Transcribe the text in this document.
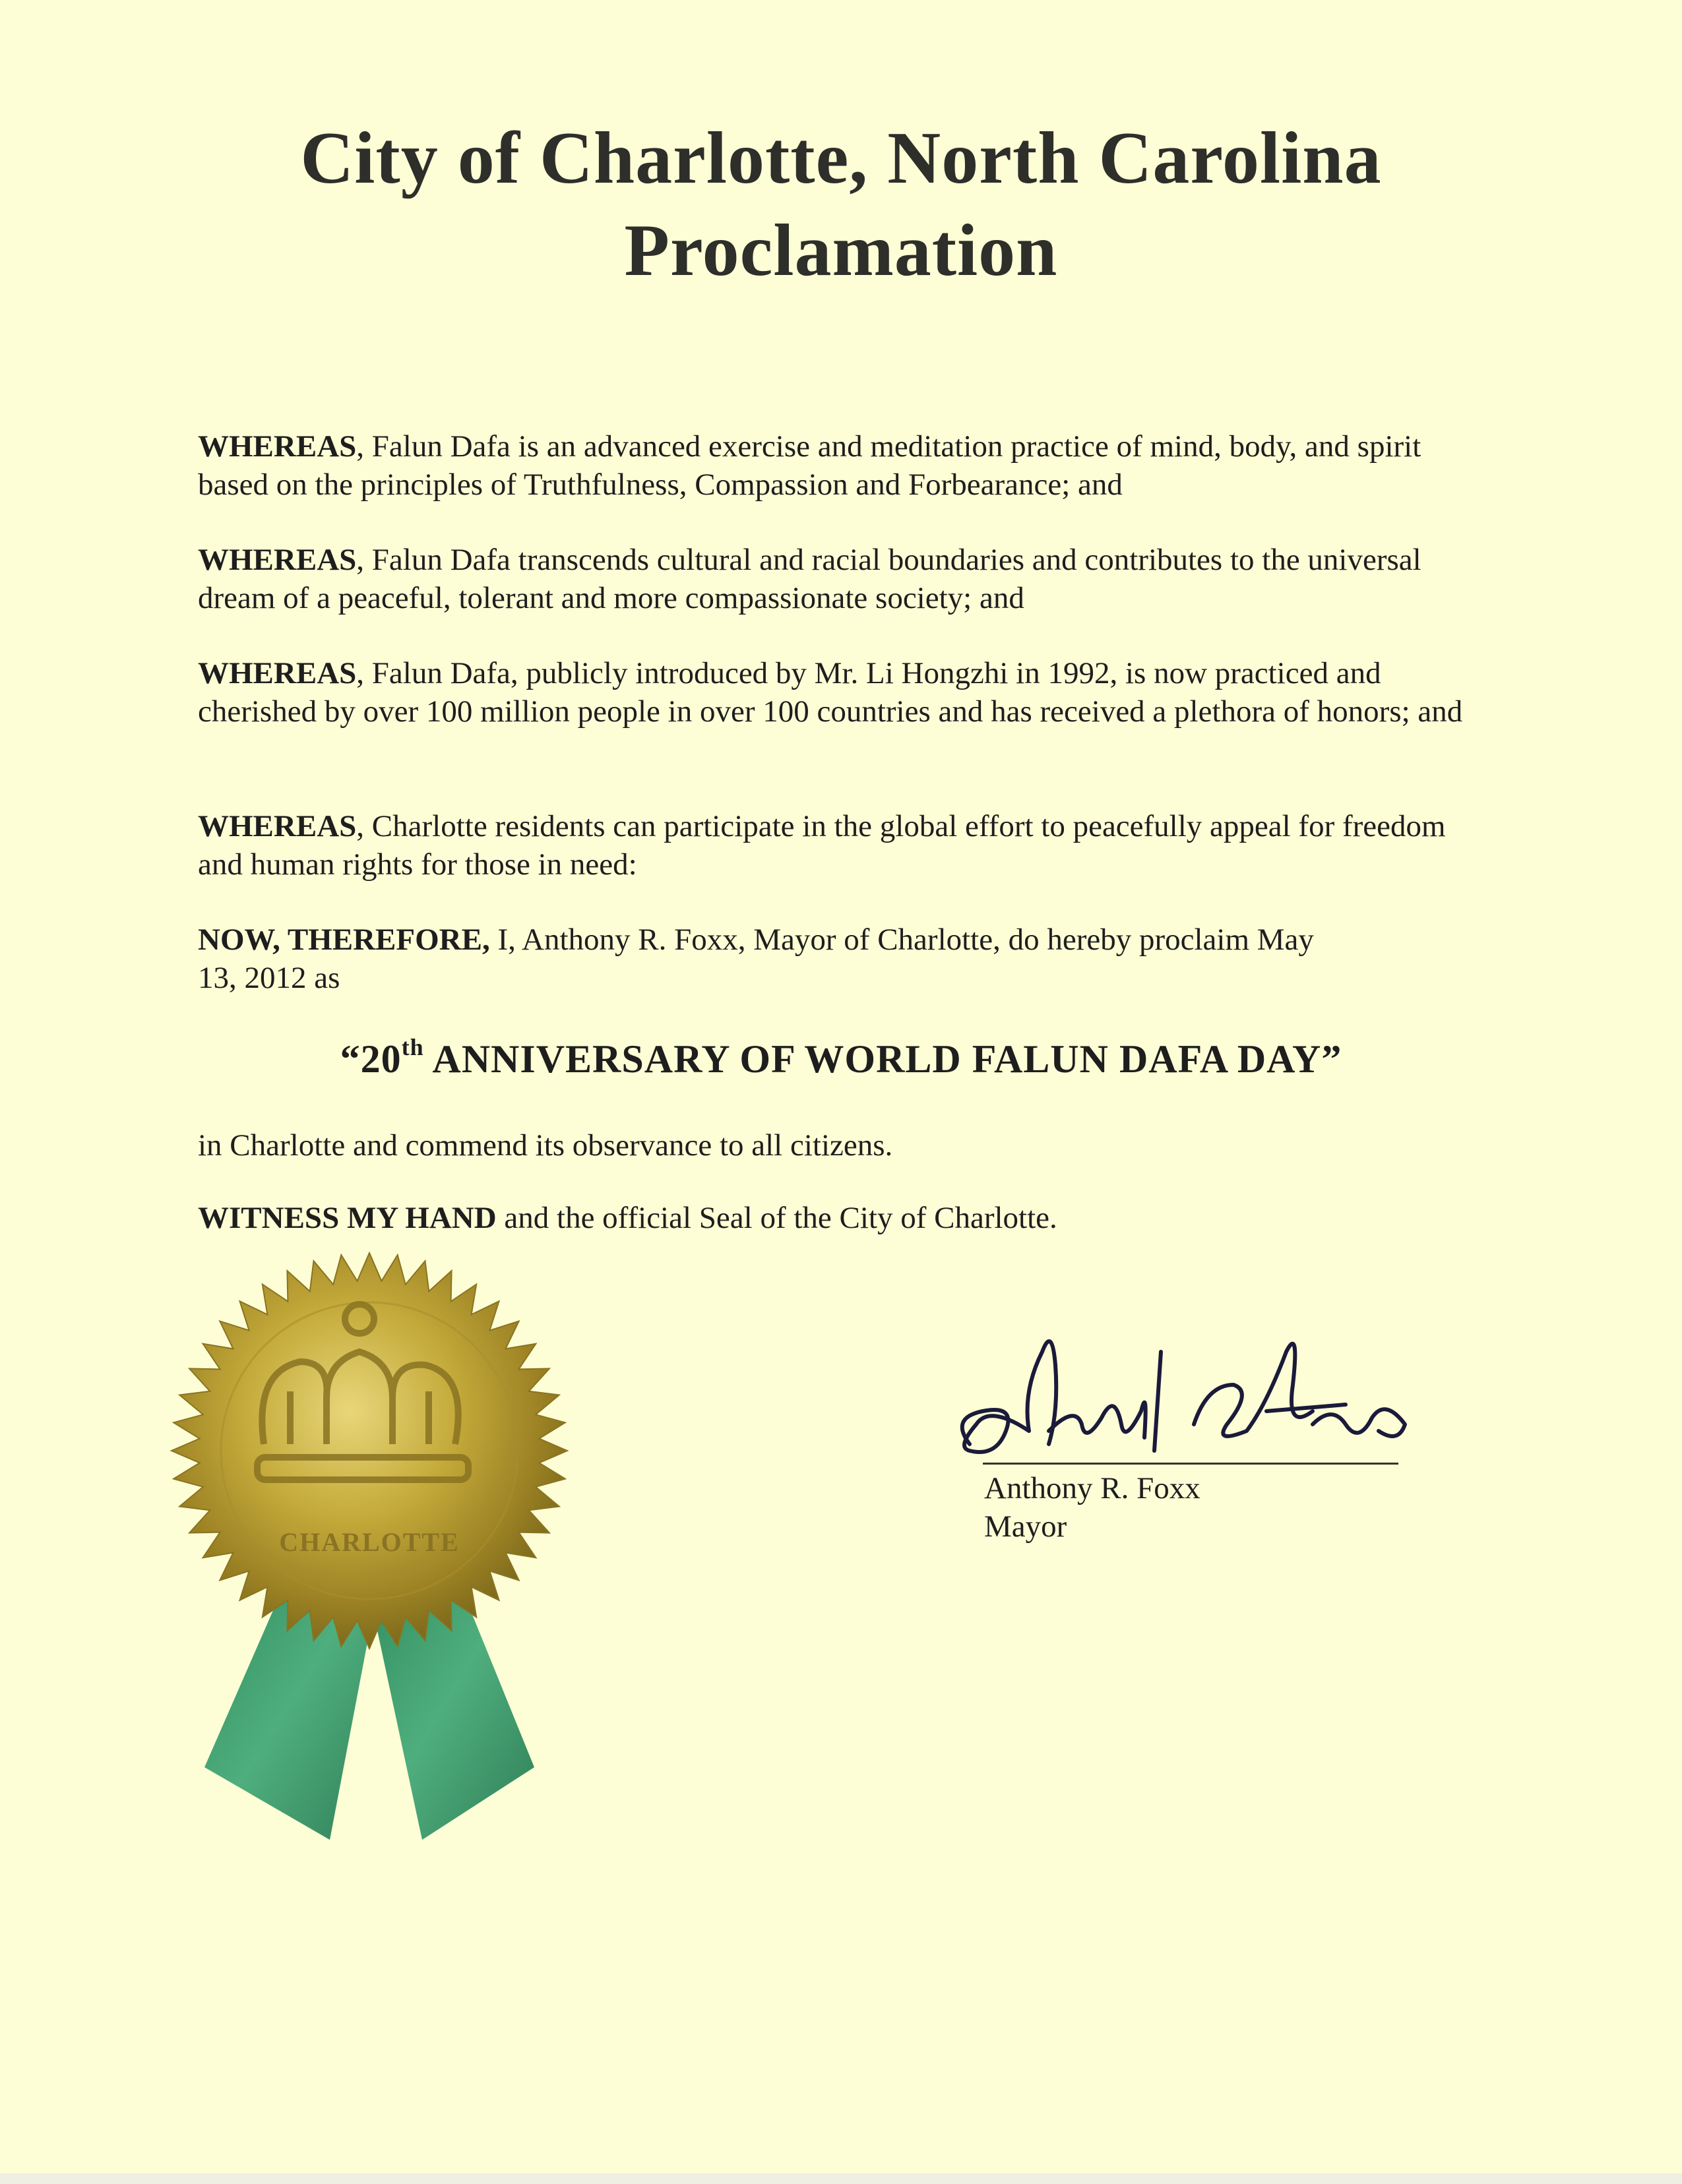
City of Charlotte, North Carolina
Proclamation
WHEREAS, Falun Dafa is an advanced exercise and meditation practice of mind, body, and spirit based on the principles of Truthfulness, Compassion and Forbearance; and
WHEREAS, Falun Dafa transcends cultural and racial boundaries and contributes to the universal dream of a peaceful, tolerant and more compassionate society; and
WHEREAS, Falun Dafa, publicly introduced by Mr. Li Hongzhi in 1992, is now practiced and cherished by over 100 million people in over 100 countries and has received a plethora of honors; and
WHEREAS, Charlotte residents can participate in the global effort to peacefully appeal for freedom and human rights for those in need:
NOW, THEREFORE, I, Anthony R. Foxx, Mayor of Charlotte, do hereby proclaim May 13, 2012 as
“20th ANNIVERSARY OF WORLD FALUN DAFA DAY”
in Charlotte and commend its observance to all citizens.
WITNESS MY HAND and the official Seal of the City of Charlotte.
CHARLOTTE
Anthony R. Foxx
Mayor
